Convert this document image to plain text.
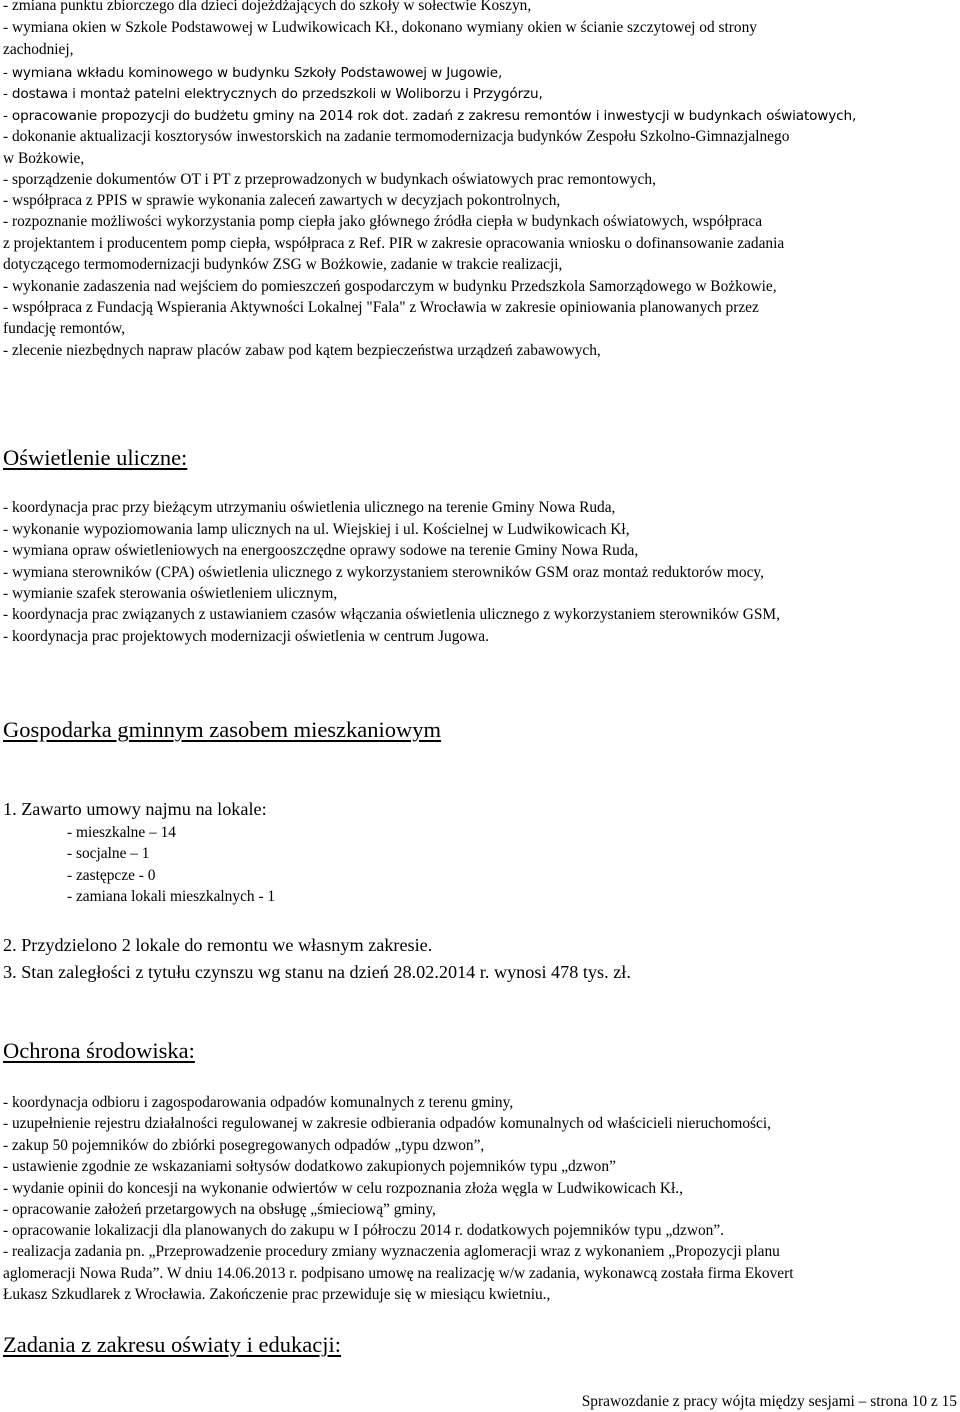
- zmiana punktu zbiorczego dla dzieci dojeżdżających do szkoły w sołectwie Koszyn,
- wymiana okien w Szkole Podstawowej w Ludwikowicach Kł., dokonano wymiany okien w ścianie szczytowej od strony
zachodniej,
- wymiana wkładu kominowego w budynku Szkoły Podstawowej w Jugowie,
- dostawa i montaż patelni elektrycznych do przedszkoli w Woliborzu i Przygórzu,
- opracowanie propozycji do budżetu gminy na 2014 rok dot. zadań z zakresu remontów i inwestycji w budynkach oświatowych,
- dokonanie aktualizacji kosztorysów inwestorskich na zadanie termomodernizacja budynków Zespołu Szkolno-Gimnazjalnego
w Bożkowie,
- sporządzenie dokumentów OT i PT z przeprowadzonych w budynkach oświatowych prac remontowych,
- współpraca z PPIS w sprawie wykonania zaleceń zawartych w decyzjach pokontrolnych,
- rozpoznanie możliwości wykorzystania pomp ciepła jako głównego źródła ciepła w budynkach oświatowych, współpraca
z projektantem i producentem pomp ciepła, współpraca z Ref. PIR w zakresie opracowania wniosku o dofinansowanie zadania
dotyczącego termomodernizacji budynków ZSG w Bożkowie, zadanie w trakcie realizacji,
- wykonanie zadaszenia nad wejściem do pomieszczeń gospodarczym w budynku Przedszkola Samorządowego w Bożkowie,
- współpraca z Fundacją Wspierania Aktywności Lokalnej "Fala" z Wrocławia w zakresie opiniowania planowanych przez
fundację remontów,
- zlecenie niezbędnych napraw placów zabaw pod kątem bezpieczeństwa urządzeń zabawowych,
Oświetlenie uliczne:
- koordynacja prac przy bieżącym utrzymaniu oświetlenia ulicznego na terenie Gminy Nowa Ruda,
- wykonanie wypoziomowania lamp ulicznych na ul. Wiejskiej i ul. Kościelnej w Ludwikowicach Kł,
- wymiana opraw oświetleniowych na energooszczędne oprawy sodowe na terenie Gminy Nowa Ruda,
- wymiana sterowników (CPA) oświetlenia ulicznego z wykorzystaniem sterowników GSM oraz montaż reduktorów mocy,
- wymianie szafek sterowania oświetleniem ulicznym,
- koordynacja prac związanych z ustawianiem czasów włączania oświetlenia ulicznego z wykorzystaniem sterowników GSM,
- koordynacja prac projektowych modernizacji oświetlenia w centrum Jugowa.
Gospodarka gminnym zasobem mieszkaniowym
1. Zawarto umowy najmu na lokale:
- mieszkalne – 14
- socjalne – 1
- zastępcze - 0
- zamiana lokali mieszkalnych - 1
2. Przydzielono 2 lokale do remontu we własnym zakresie.
3. Stan zaległości z tytułu czynszu wg stanu na dzień 28.02.2014 r. wynosi 478 tys. zł.
Ochrona środowiska:
- koordynacja odbioru i zagospodarowania odpadów komunalnych z terenu gminy,
- uzupełnienie rejestru działalności regulowanej w zakresie odbierania odpadów komunalnych od właścicieli nieruchomości,
- zakup 50 pojemników do zbiórki posegregowanych odpadów „typu dzwon”,
- ustawienie zgodnie ze wskazaniami sołtysów dodatkowo zakupionych pojemników typu „dzwon”
- wydanie opinii do koncesji na wykonanie odwiertów w celu rozpoznania złoża węgla w Ludwikowicach Kł.,
- opracowanie założeń przetargowych na obsługę „śmieciową” gminy,
- opracowanie lokalizacji dla planowanych do zakupu w I półroczu 2014 r. dodatkowych pojemników typu „dzwon”.
- realizacja zadania pn. „Przeprowadzenie procedury zmiany wyznaczenia aglomeracji wraz z wykonaniem „Propozycji planu
aglomeracji Nowa Ruda”. W dniu 14.06.2013 r. podpisano umowę na realizację w/w zadania, wykonawcą została firma Ekovert
Łukasz Szkudlarek z Wrocławia. Zakończenie prac przewiduje się w miesiącu kwietniu.,
Zadania z zakresu oświaty i edukacji:
Sprawozdanie z pracy wójta między sesjami – strona 10 z 15
